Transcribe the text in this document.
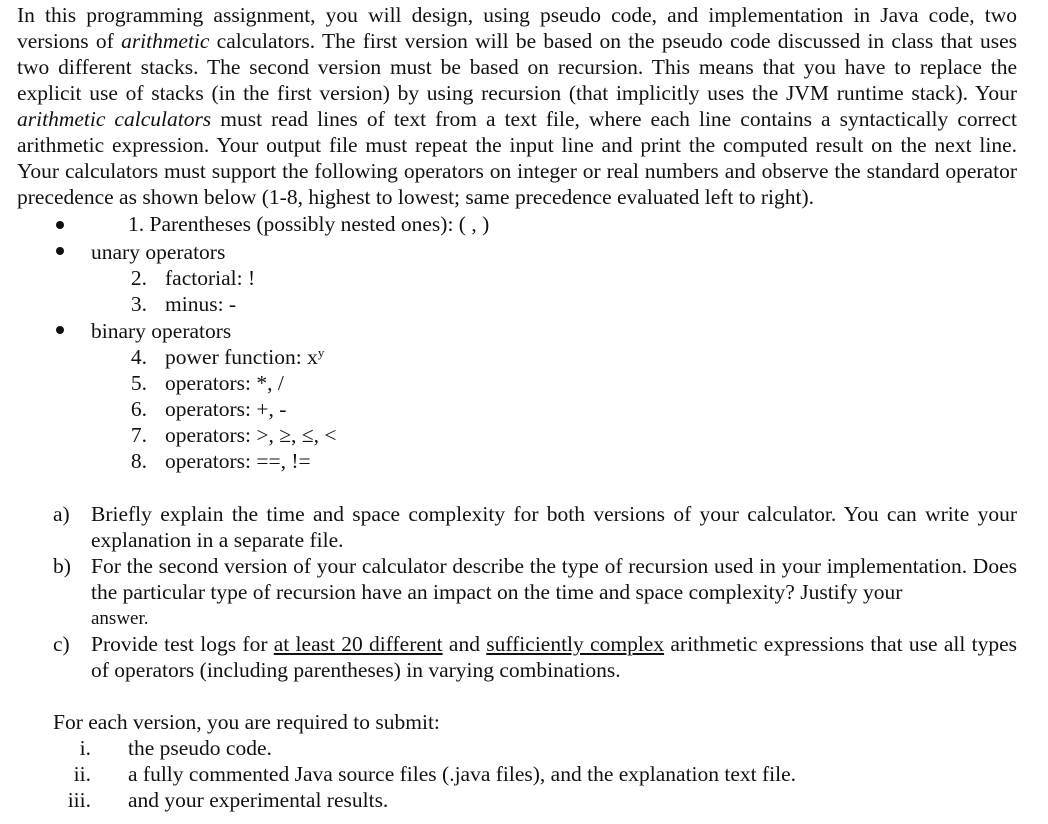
In this programming assignment, you will design, using pseudo code, and implementation in Java code, two versions of arithmetic calculators. The first version will be based on the pseudo code discussed in class that uses two different stacks. The second version must be based on recursion. This means that you have to replace the explicit use of stacks (in the first version) by using recursion (that implicitly uses the JVM runtime stack). Your arithmetic calculators must read lines of text from a text file, where each line contains a syntactically correct arithmetic expression. Your output file must repeat the input line and print the computed result on the next line. Your calculators must support the following operators on integer or real numbers and observe the standard operator precedence as shown below (1-8, highest to lowest; same precedence evaluated left to right).

1. Parentheses (possibly nested ones): ( , )
unary operators
2. factorial: !
3. minus: -
binary operators
4. power function: $x^y$
5. operators: *, /
6. operators: +, -
7. operators: >, ≥, ≤, <
8. operators: ==, !=
a) Briefly explain the time and space complexity for both versions of your calculator. You can write your explanation in a separate file.

b) For the second version of your calculator describe the type of recursion used in your implementation. Does the particular type of recursion have an impact on the time and space complexity? Justify your

answer.
c) Provide test logs for at least 20 different and sufficiently complex arithmetic expressions that use all types of operators (including parentheses) in varying combinations.

For each version, you are required to submit:
i. the pseudo code.
ii. a fully commented Java source files (.java files), and the explanation text file.
iii. and your experimental results.
